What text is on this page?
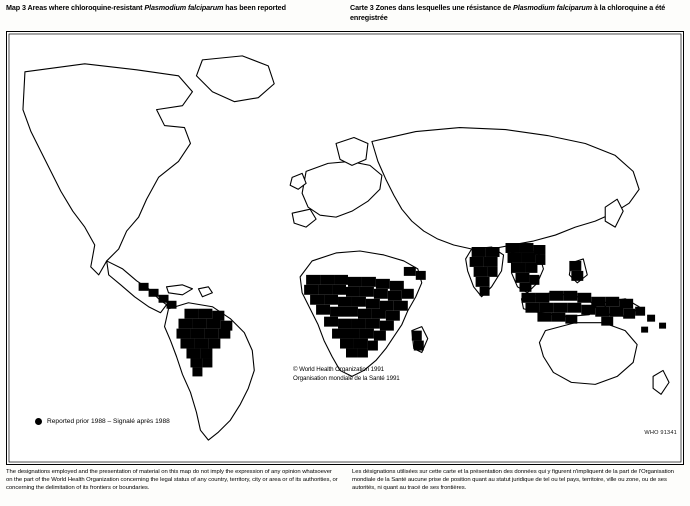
Map 3 Areas where chloroquine-resistant Plasmodium falciparum has been reported	Carte 3 Zones dans lesquelles une résistance de Plasmodium falciparum à la chloroquine a été enregistrée
© World Health Organization 1991
Organisation mondiale de la Santé 1991
Reported prior 1988 – Signalé après 1988
WHO 91341

The designations employed and the presentation of material on this map do not imply the expression of any opinion whatsoever on the part of the World Health Organization concerning the legal status of any country, territory, city or area or of its authorities, or concerning the delimitation of its frontiers or boundaries.

Les désignations utilisées sur cette carte et la présentation des données qui y figurent n'impliquent de la part de l'Organisation mondiale de la Santé aucune prise de position quant au statut juridique de tel ou tel pays, territoire, ville ou zone, ou de ses autorités, ni quant au tracé de ses frontières.
